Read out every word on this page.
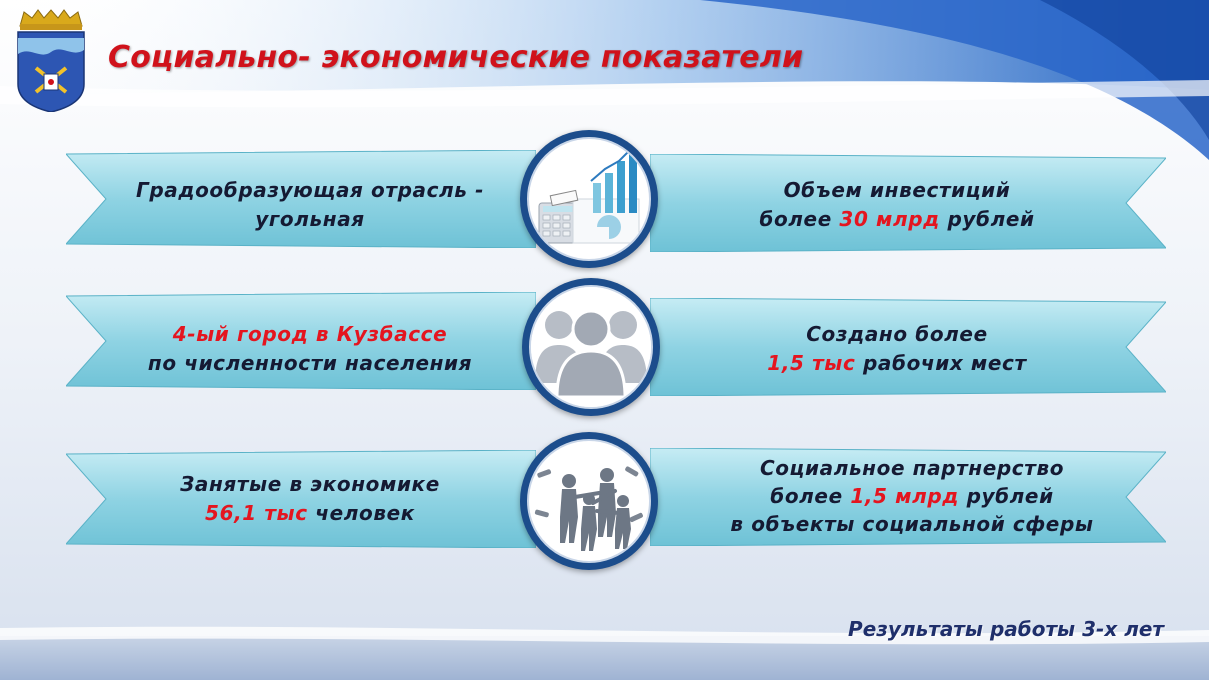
Социально- экономические показатели
Градообразующая отрасль -
угольная
Объем инвестиций
более 30 млрд рублей
4-ый город в Кузбассе
по численности населения
Создано более
1,5 тыс рабочих мест
Занятые в экономике
56,1 тыс человек
Социальное партнерство
более 1,5 млрд рублей
в объекты социальной сферы
Результаты работы 3-х лет
